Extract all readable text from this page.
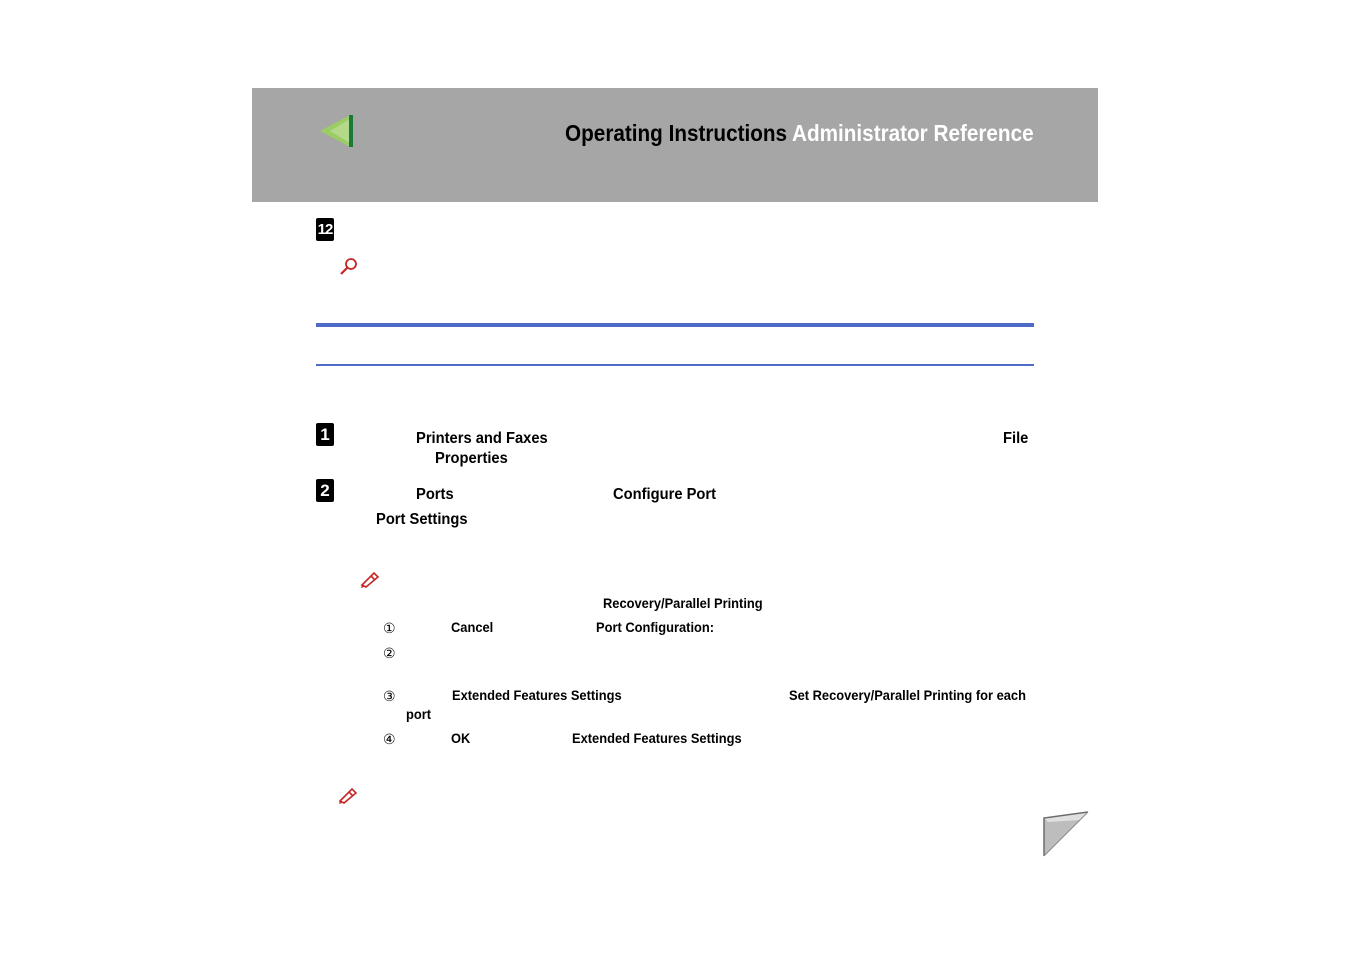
Operating Instructions Administrator Reference
12
1	Printers and Faxes	File
Properties
2	Ports	Configure Port
Port Settings
Recovery/Parallel Printing
①	Cancel	Port Configuration:
②
③	Extended Features Settings	Set Recovery/Parallel Printing for each
port
④	OK	Extended Features Settings
